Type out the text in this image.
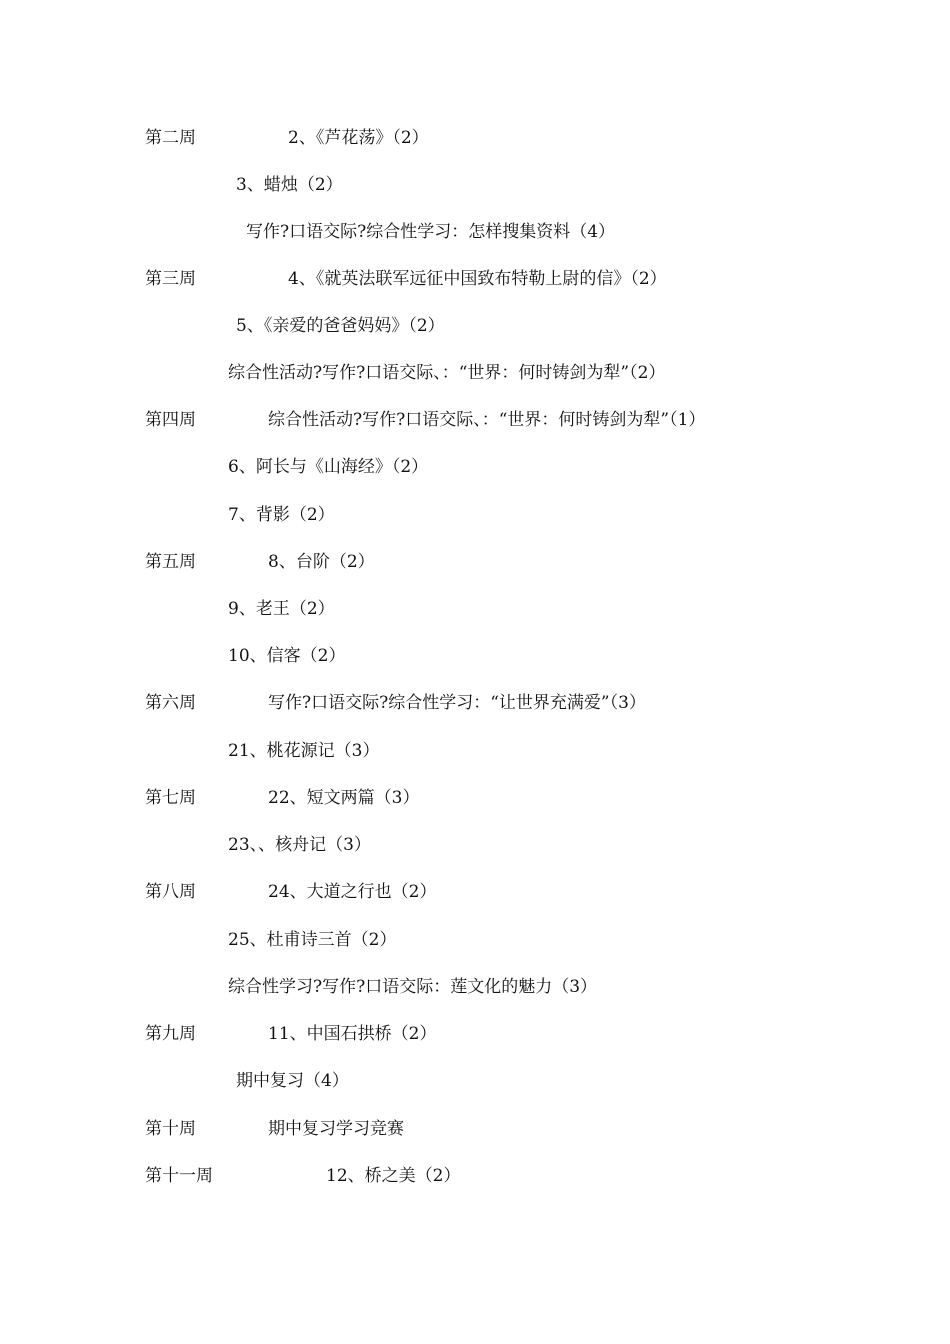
第二周	2、《芦花荡》（2）
3、蜡烛（2）
写作?口语交际?综合性学习：怎样搜集资料（4）
第三周	4、《就英法联军远征中国致布特勒上尉的信》（2）
5、《亲爱的爸爸妈妈》（2）
综合性活动?写作?口语交际、：“世界：何时铸剑为犁”（2）
第四周	综合性活动?写作?口语交际、：“世界：何时铸剑为犁”（1）
6、阿长与《山海经》（2）
7、背影（2）
第五周	8、台阶（2）
9、老王（2）
10、信客（2）
第六周	写作?口语交际?综合性学习：“让世界充满爱”（3）
21、桃花源记（3）
第七周	22、短文两篇（3）
23、、核舟记（3）
第八周	24、大道之行也（2）
25、杜甫诗三首（2）
综合性学习?写作?口语交际：莲文化的魅力（3）
第九周	11、中国石拱桥（2）
期中复习（4）
第十周	期中复习学习竞赛
第十一周	12、桥之美（2）
